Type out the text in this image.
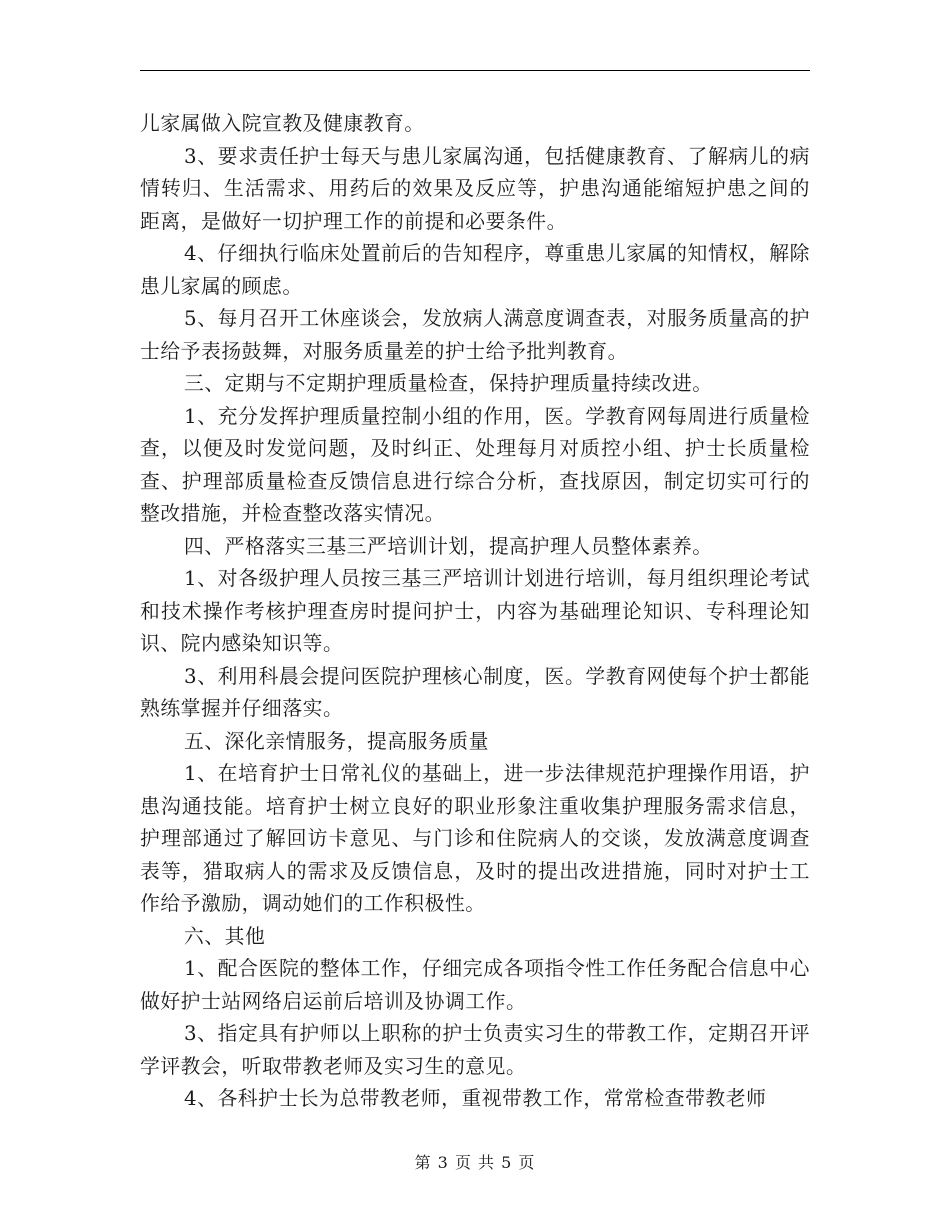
儿家属做入院宣教及健康教育。

3、要求责任护士每天与患儿家属沟通，包括健康教育、了解病儿的病情转归、生活需求、用药后的效果及反应等，护患沟通能缩短护患之间的距离，是做好一切护理工作的前提和必要条件。

4、仔细执行临床处置前后的告知程序，尊重患儿家属的知情权，解除患儿家属的顾虑。

5、每月召开工休座谈会，发放病人满意度调查表，对服务质量高的护士给予表扬鼓舞，对服务质量差的护士给予批判教育。

三、定期与不定期护理质量检查，保持护理质量持续改进。

1、充分发挥护理质量控制小组的作用，医。学教育网每周进行质量检查，以便及时发觉问题，及时纠正、处理每月对质控小组、护士长质量检查、护理部质量检查反馈信息进行综合分析，查找原因，制定切实可行的整改措施，并检查整改落实情况。

四、严格落实三基三严培训计划，提高护理人员整体素养。

1、对各级护理人员按三基三严培训计划进行培训，每月组织理论考试和技术操作考核护理查房时提问护士，内容为基础理论知识、专科理论知识、院内感染知识等。

3、利用科晨会提问医院护理核心制度，医。学教育网使每个护士都能熟练掌握并仔细落实。

五、深化亲情服务，提高服务质量

1、在培育护士日常礼仪的基础上，进一步法律规范护理操作用语，护患沟通技能。培育护士树立良好的职业形象注重收集护理服务需求信息，护理部通过了解回访卡意见、与门诊和住院病人的交谈，发放满意度调查表等，猎取病人的需求及反馈信息，及时的提出改进措施，同时对护士工作给予激励，调动她们的工作积极性。

六、其他

1、配合医院的整体工作，仔细完成各项指令性工作任务配合信息中心做好护士站网络启运前后培训及协调工作。

3、指定具有护师以上职称的护士负责实习生的带教工作，定期召开评学评教会，听取带教老师及实习生的意见。

4、各科护士长为总带教老师，重视带教工作，常常检查带教老师

第 3 页 共 5 页
